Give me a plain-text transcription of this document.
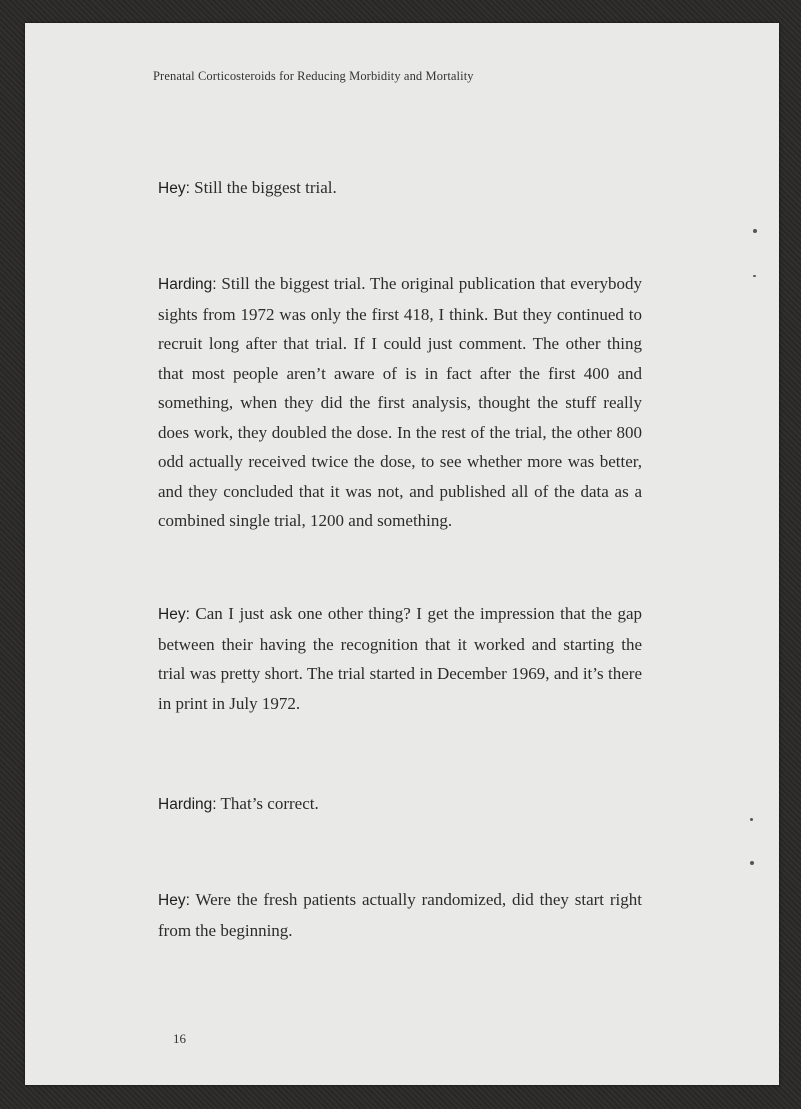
Prenatal Corticosteroids for Reducing Morbidity and Mortality

Hey: Still the biggest trial.

Harding: Still the biggest trial. The original publication that everybody sights from 1972 was only the first 418, I think. But they continued to recruit long after that trial. If I could just comment. The other thing that most people aren’t aware of is in fact after the first 400 and something, when they did the first analysis, thought the stuff really does work, they doubled the dose. In the rest of the trial, the other 800 odd actually received twice the dose, to see whether more was better, and they concluded that it was not, and published all of the data as a combined single trial, 1200 and something.

Hey: Can I just ask one other thing? I get the impression that the gap between their having the recognition that it worked and starting the trial was pretty short. The trial started in December 1969, and it’s there in print in July 1972.

Harding: That’s correct.

Hey: Were the fresh patients actually randomized, did they start right from the beginning.

16
